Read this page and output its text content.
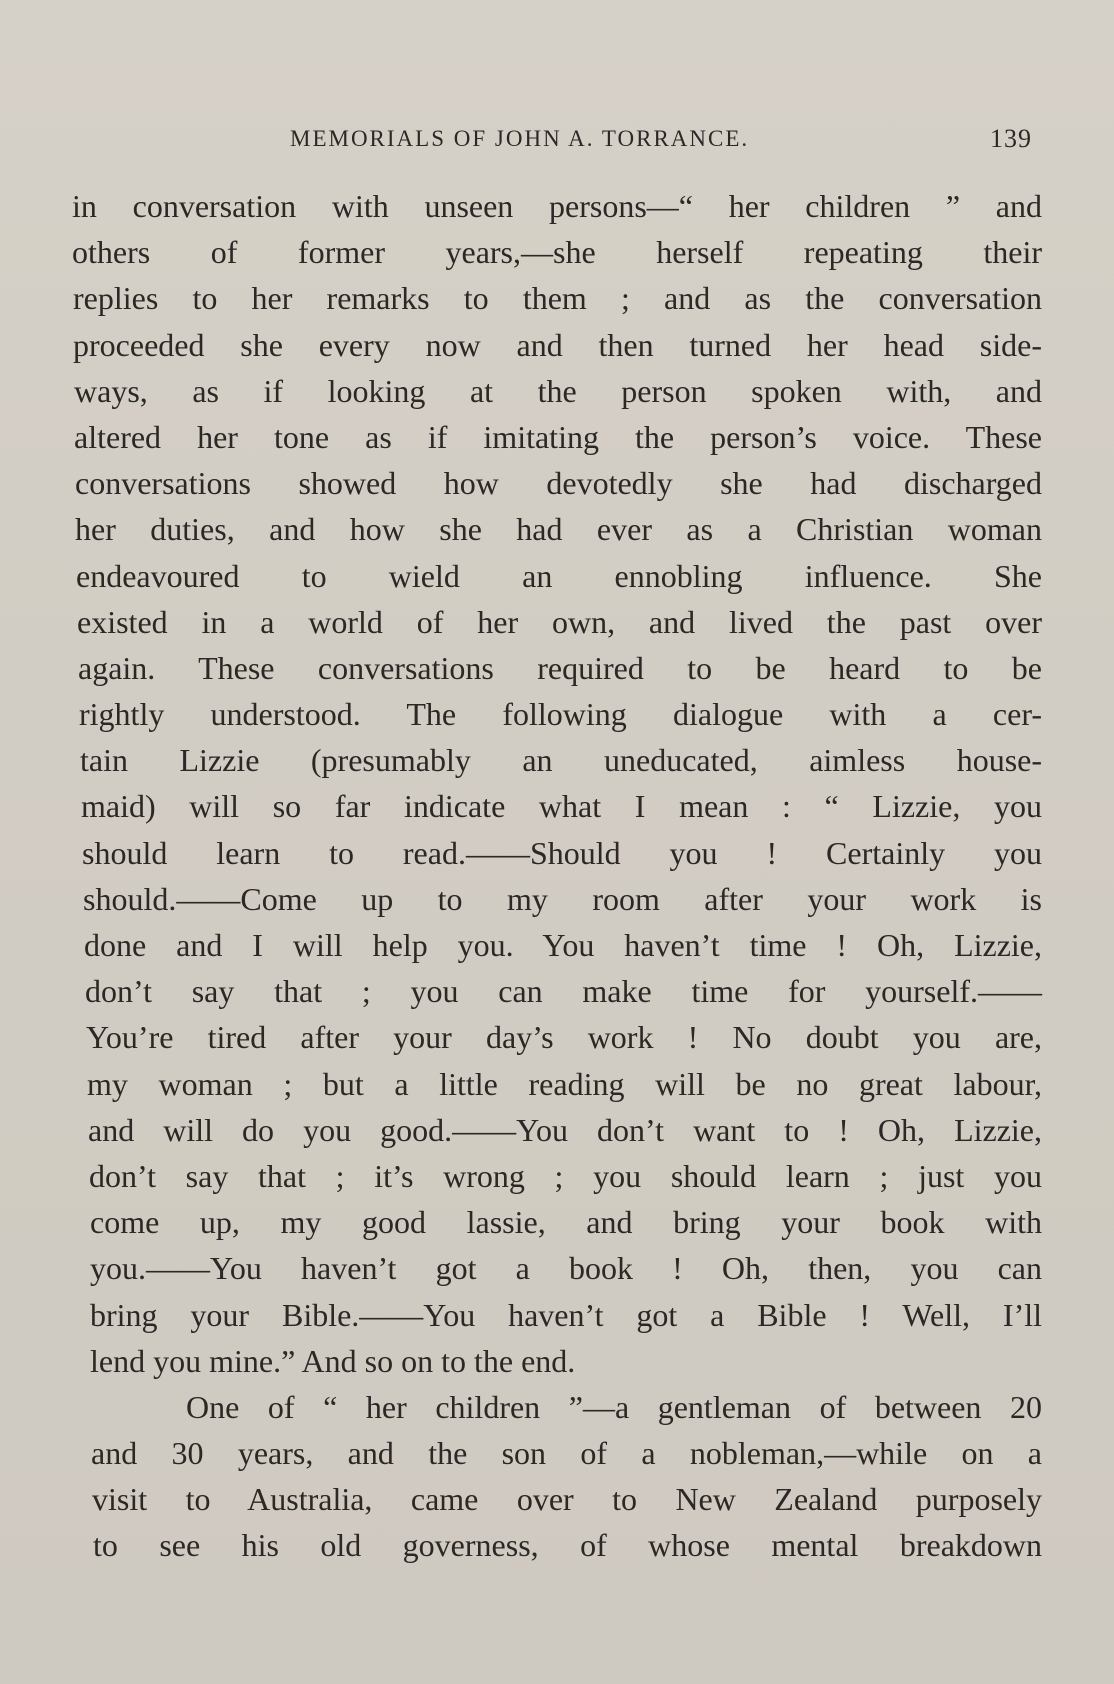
MEMORIALS OF JOHN A. TORRANCE.	139
in conversation with unseen persons—“ her children ” and
others of former years,—she herself repeating their
replies to her remarks to them ; and as the conversation
proceeded she every now and then turned her head side-
ways, as if looking at the person spoken with, and
altered her tone as if imitating the person’s voice. These
conversations showed how devotedly she had discharged
her duties, and how she had ever as a Christian woman
endeavoured to wield an ennobling influence. She
existed in a world of her own, and lived the past over
again. These conversations required to be heard to be
rightly understood. The following dialogue with a cer-
tain Lizzie (presumably an uneducated, aimless house-
maid) will so far indicate what I mean : “ Lizzie, you
should learn to read.——Should you ! Certainly you
should.——Come up to my room after your work is
done and I will help you. You haven’t time ! Oh, Lizzie,
don’t say that ; you can make time for yourself.——
You’re tired after your day’s work ! No doubt you are,
my woman ; but a little reading will be no great labour,
and will do you good.——You don’t want to ! Oh, Lizzie,
don’t say that ; it’s wrong ; you should learn ; just you
come up, my good lassie, and bring your book with
you.——You haven’t got a book ! Oh, then, you can
bring your Bible.——You haven’t got a Bible ! Well, I’ll
lend you mine.” And so on to the end.
One of “ her children ”—a gentleman of between 20
and 30 years, and the son of a nobleman,—while on a
visit to Australia, came over to New Zealand purposely
to see his old governess, of whose mental breakdown
